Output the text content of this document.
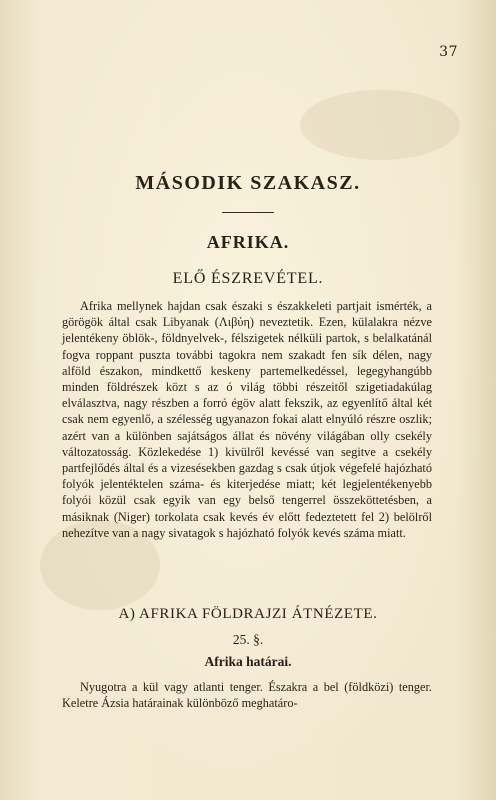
37
MÁSODIK SZAKASZ.
AFRIKA.
ELŐ ÉSZREVÉTEL.

Afrika mellynek hajdan csak északi s északkeleti partjait ismérték, a görögök által csak Libyanak (Λιβύη) neveztetik. Ezen, külalakra nézve jelentékeny öblök-, földnyelvek-, félszigetek nélküli partok, s belalkatánál fogva roppant puszta további tagokra nem szakadt fen sík délen, nagy alföld északon, mindkettő keskeny partemelkedéssel, legegyhangúbb minden földrészek közt s az ó világ többi részeitől szigetiadakúlag elválasztva, nagy részben a forró égöv alatt fekszik, az egyenlítő által két csak nem egyenlő, a szélesség ugyanazon fokai alatt elnyúló részre oszlik; azért van a különben sajátságos állat és növény világában olly csekély változatosság. Közlekedése 1) kivülről kevéssé van segitve a csekély partfejlődés által és a vizesésekben gazdag s csak útjok végefelé hajózható folyók jelentéktelen száma- és kiterjedése miatt; két legjelentékenyebb folyói közül csak egyik van egy belső tengerrel összeköttetésben, a másiknak (Niger) torkolata csak kevés év előtt fedeztetett fel 2) belölről nehezítve van a nagy sivatagok s hajózható folyók kevés száma miatt.

A) AFRIKA FÖLDRAJZI ÁTNÉZETE.
25. §.
Afrika határai.

Nyugotra a kül vagy atlanti tenger. Északra a bel (földközi) tenger. Keletre Ázsia határainak különböző meghatáro-
